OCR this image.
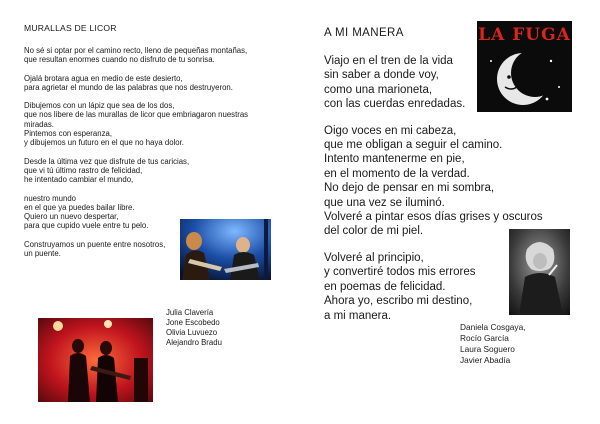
MURALLAS DE LICOR
No sé si optar por el camino recto, lleno de pequeñas montañas,
que resultan enormes cuando no disfruto de tu sonrisa.
Ojalá brotara agua en medio de este desierto,
para agrietar el mundo de las palabras que nos destruyeron.
Dibujemos con un lápiz que sea de los dos,
que nos libere de las murallas de licor que embriagaron nuestras miradas.
Pintemos con esperanza,
y dibujemos un futuro en el que no haya dolor.
Desde la última vez que disfrute de tus caricias,
que vi tú último rastro de felicidad,
he intentado cambiar el mundo,
nuestro mundo
en el que ya puedes bailar libre.
Quiero un nuevo despertar,
para que cupido vuele entre tu pelo.
Construyamos un puente entre nosotros,
un puente.
Julia Clavería
Jone Escobedo
Olivia Luvuezo
Alejandro Bradu
A MI MANERA
Viajo en el tren de la vida
sin saber a donde voy,
como una marioneta,
con las cuerdas enredadas.
Oigo voces en mi cabeza,
que me obligan a seguir el camino.
Intento mantenerme en pie,
en el momento de la verdad.
No dejo de pensar en mi sombra,
que una vez se iluminó.
Volveré a pintar esos días grises y oscuros
del color de mi piel.
Volveré al principio,
y convertiré todos mis errores
en poemas de felicidad.
Ahora yo, escribo mi destino,
a mi manera.
LA FUGA
Daniela Cosgaya,
Rocío García
Laura Soguero
Javier Abadía
